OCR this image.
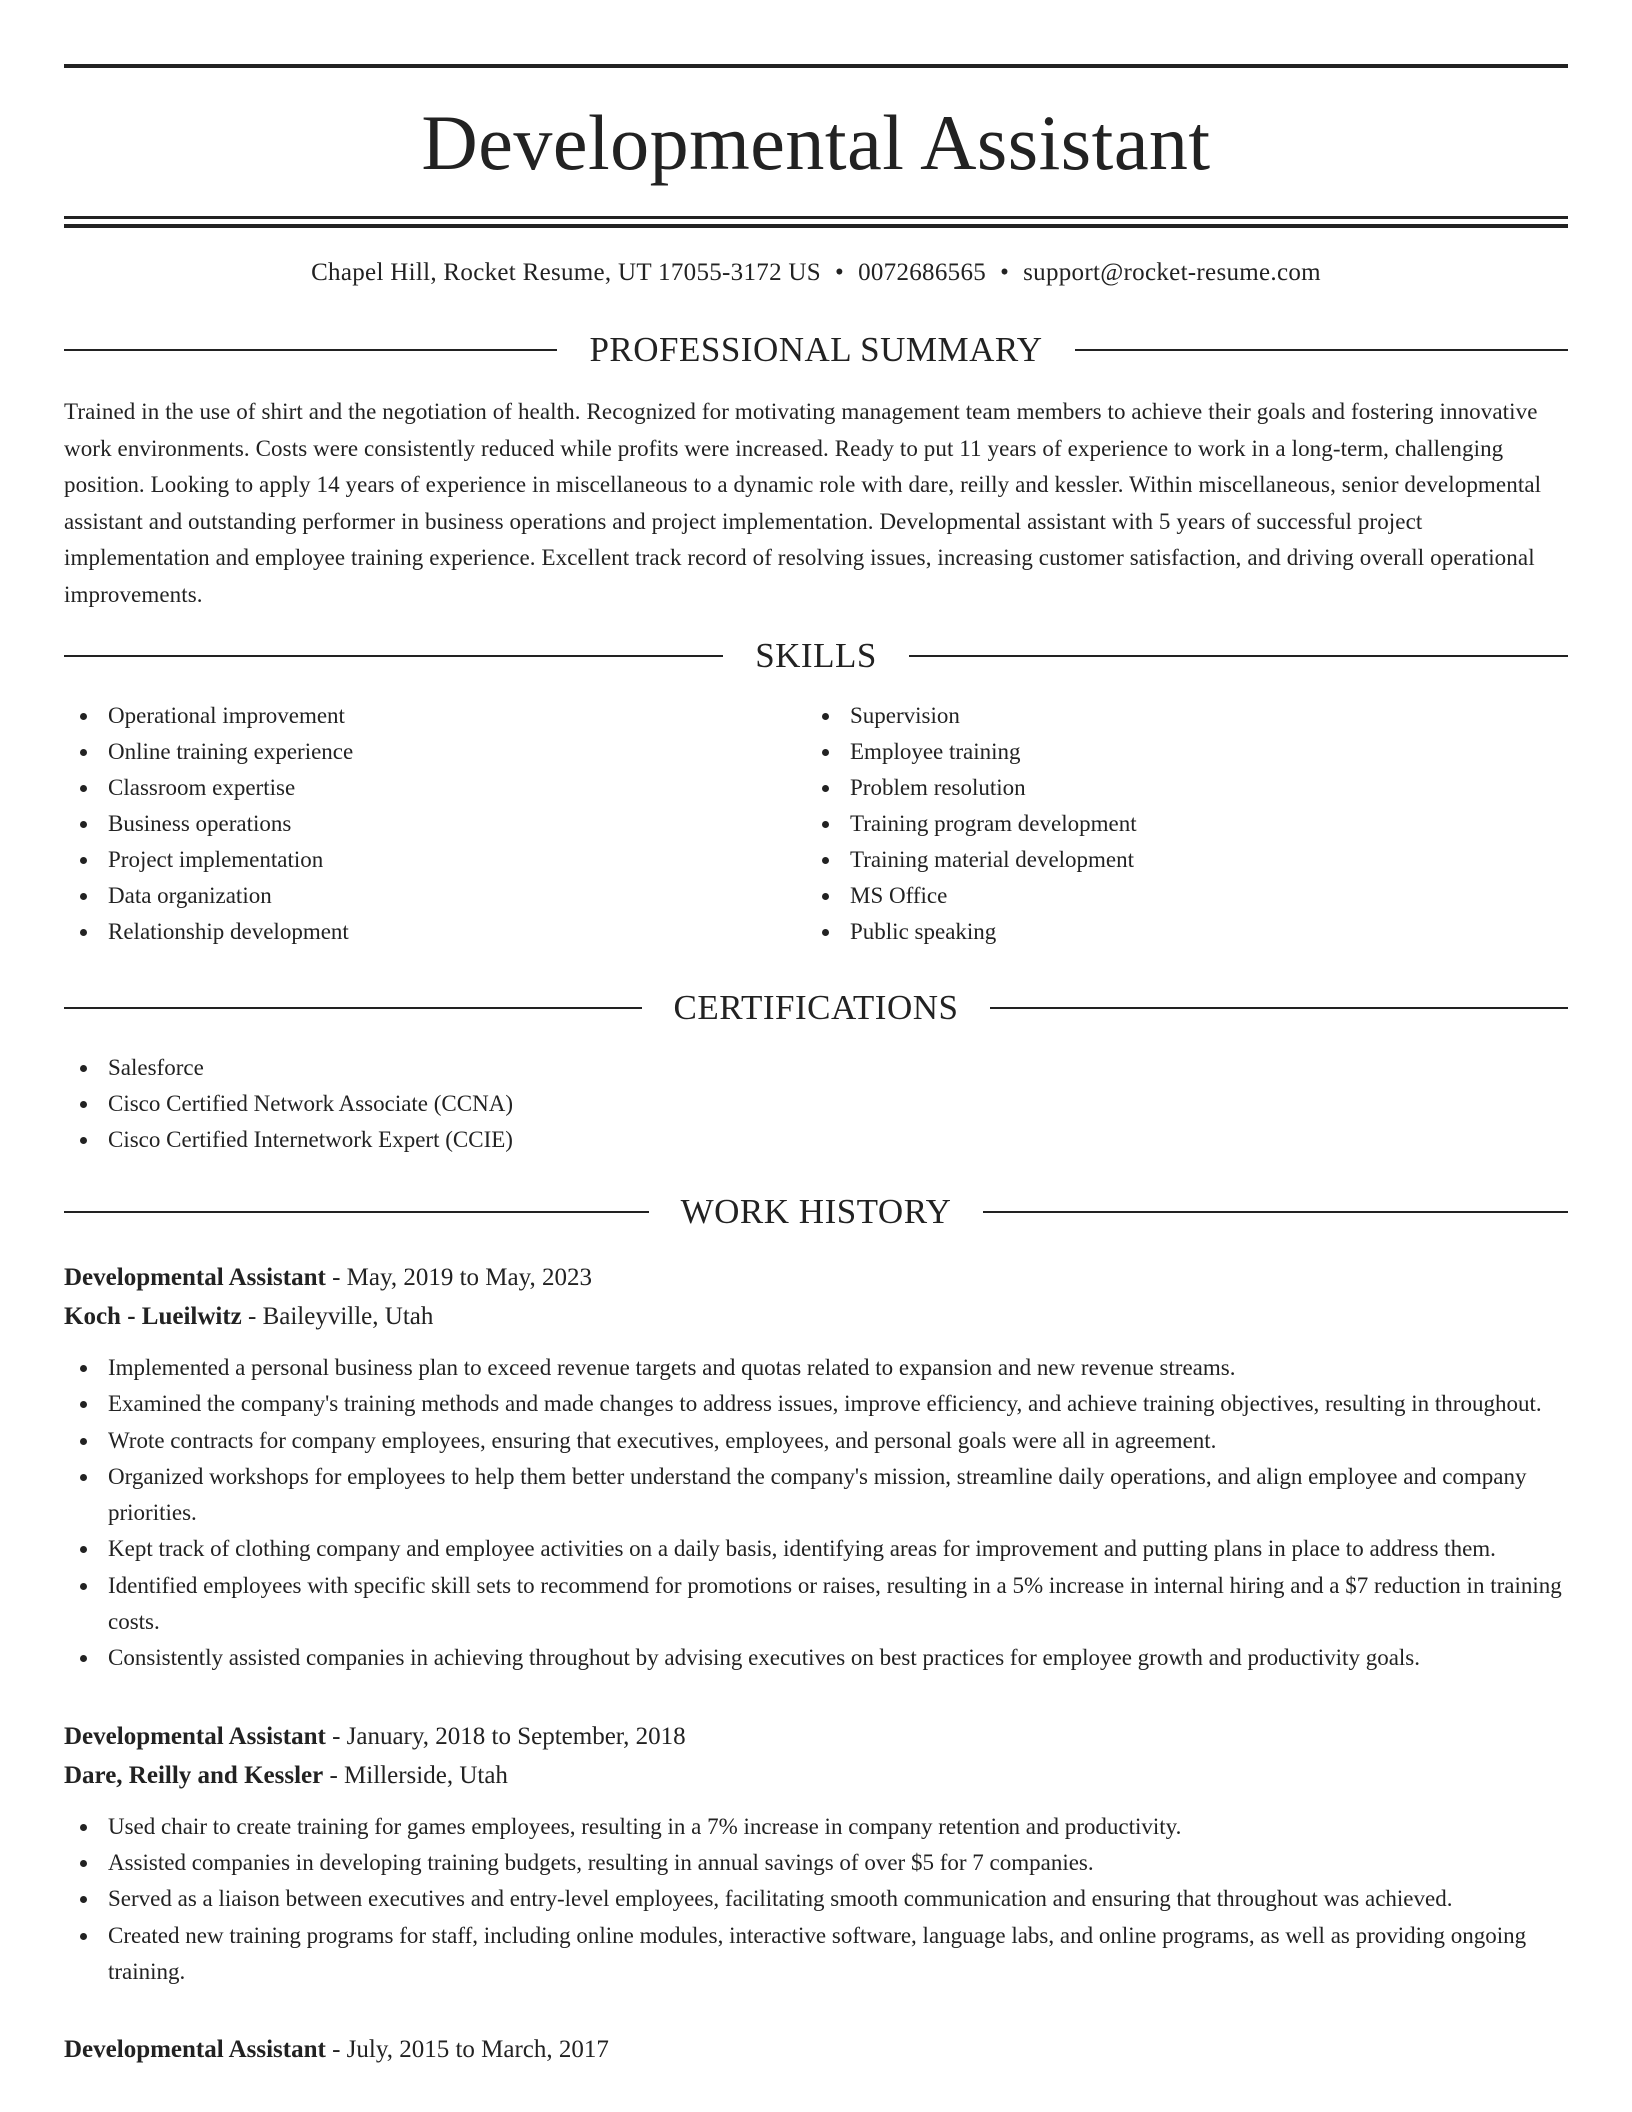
Developmental Assistant
Chapel Hill, Rocket Resume, UT 17055-3172 US • 0072686565 • support@rocket-resume.com
PROFESSIONAL SUMMARY

Trained in the use of shirt and the negotiation of health. Recognized for motivating management team members to achieve their goals and fostering innovative work environments. Costs were consistently reduced while profits were increased. Ready to put 11 years of experience to work in a long-term, challenging position. Looking to apply 14 years of experience in miscellaneous to a dynamic role with dare, reilly and kessler. Within miscellaneous, senior developmental assistant and outstanding performer in business operations and project implementation. Developmental assistant with 5 years of successful project implementation and employee training experience. Excellent track record of resolving issues, increasing customer satisfaction, and driving overall operational improvements.

SKILLS
Operational improvement
Online training experience
Classroom expertise
Business operations
Project implementation
Data organization
Relationship development
Supervision
Employee training
Problem resolution
Training program development
Training material development
MS Office
Public speaking
CERTIFICATIONS
Salesforce
Cisco Certified Network Associate (CCNA)
Cisco Certified Internetwork Expert (CCIE)
WORK HISTORY
Developmental Assistant - May, 2019 to May, 2023
Koch - Lueilwitz - Baileyville, Utah
Implemented a personal business plan to exceed revenue targets and quotas related to expansion and new revenue streams.
Examined the company's training methods and made changes to address issues, improve efficiency, and achieve training objectives, resulting in throughout.
Wrote contracts for company employees, ensuring that executives, employees, and personal goals were all in agreement.
Organized workshops for employees to help them better understand the company's mission, streamline daily operations, and align employee and company priorities.
Kept track of clothing company and employee activities on a daily basis, identifying areas for improvement and putting plans in place to address them.
Identified employees with specific skill sets to recommend for promotions or raises, resulting in a 5% increase in internal hiring and a $7 reduction in training costs.
Consistently assisted companies in achieving throughout by advising executives on best practices for employee growth and productivity goals.
Developmental Assistant - January, 2018 to September, 2018
Dare, Reilly and Kessler - Millerside, Utah
Used chair to create training for games employees, resulting in a 7% increase in company retention and productivity.
Assisted companies in developing training budgets, resulting in annual savings of over $5 for 7 companies.
Served as a liaison between executives and entry-level employees, facilitating smooth communication and ensuring that throughout was achieved.
Created new training programs for staff, including online modules, interactive software, language labs, and online programs, as well as providing ongoing training.
Developmental Assistant - July, 2015 to March, 2017
